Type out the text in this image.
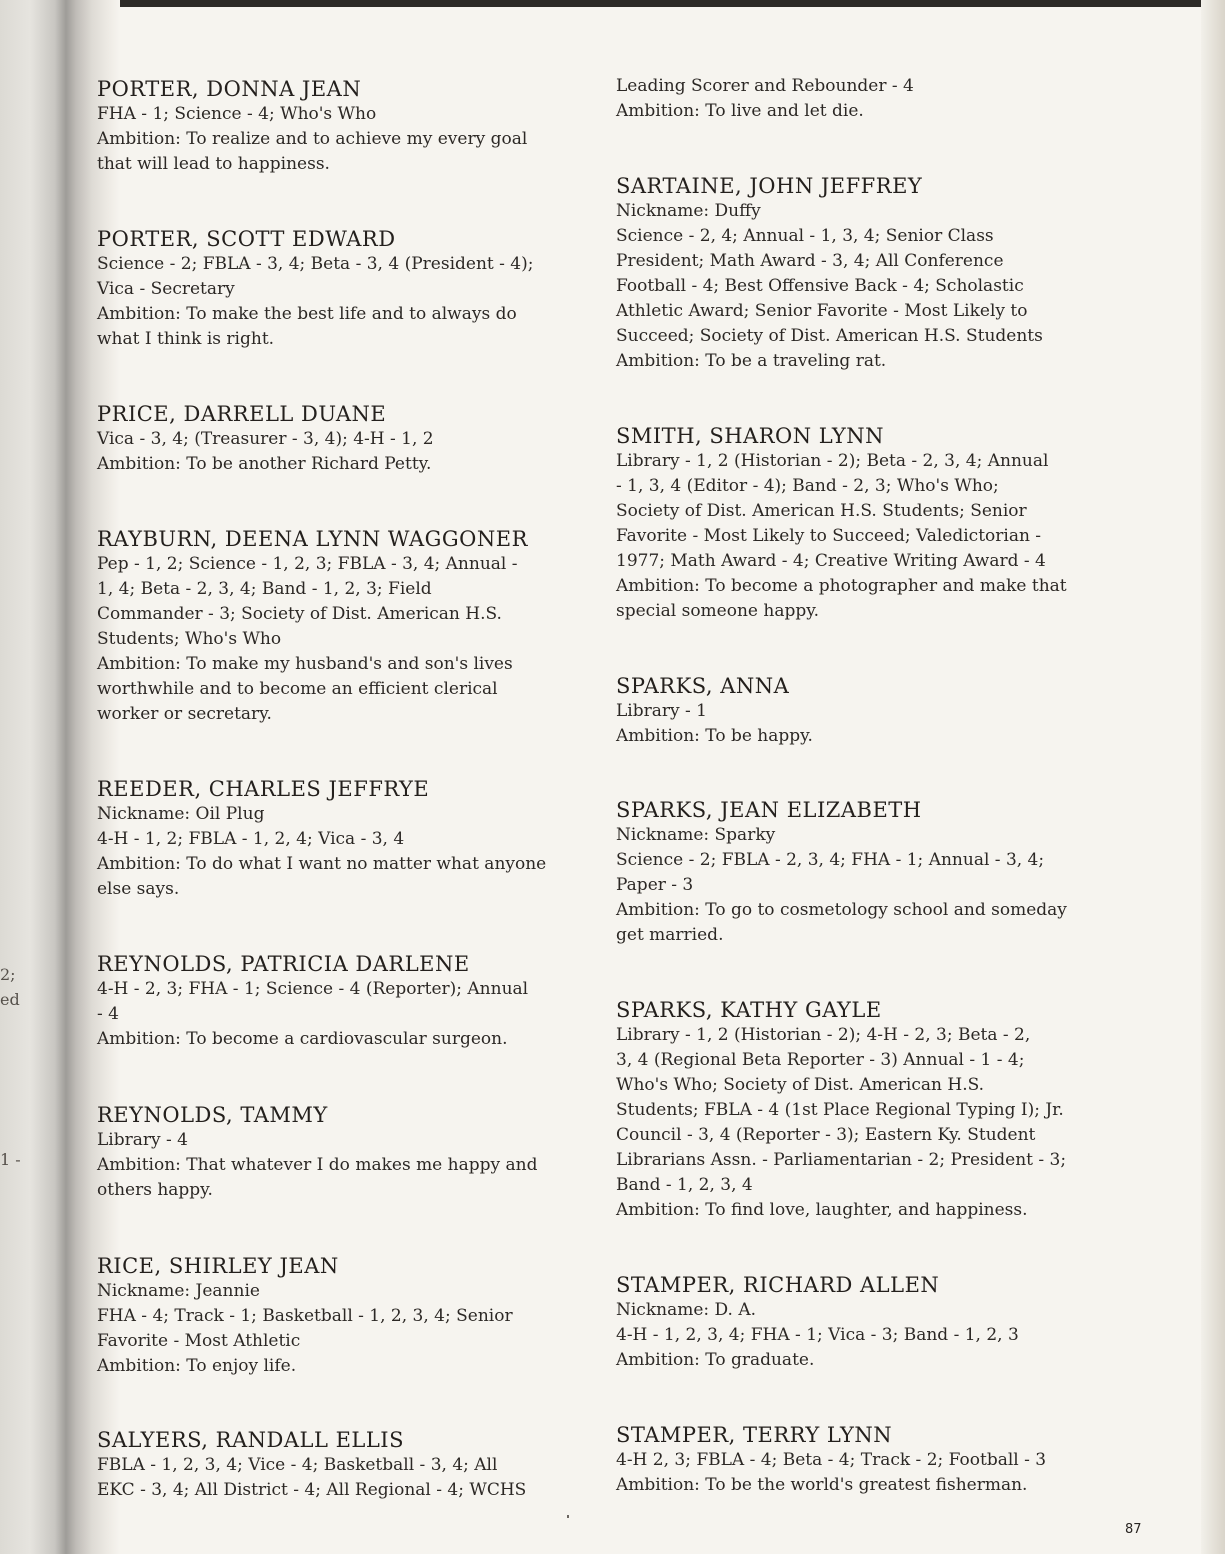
2;
ed
1 -
PORTER, DONNA JEAN
FHA - 1; Science - 4; Who's Who
Ambition: To realize and to achieve my every goal
that will lead to happiness.
PORTER, SCOTT EDWARD
Science - 2; FBLA - 3, 4; Beta - 3, 4 (President - 4);
Vica - Secretary
Ambition: To make the best life and to always do
what I think is right.
PRICE, DARRELL DUANE
Vica - 3, 4; (Treasurer - 3, 4); 4-H - 1, 2
Ambition: To be another Richard Petty.
RAYBURN, DEENA LYNN WAGGONER
Pep - 1, 2; Science - 1, 2, 3; FBLA - 3, 4; Annual -
1, 4; Beta - 2, 3, 4; Band - 1, 2, 3; Field
Commander - 3; Society of Dist. American H.S.
Students; Who's Who
Ambition: To make my husband's and son's lives
worthwhile and to become an efficient clerical
worker or secretary.
REEDER, CHARLES JEFFRYE
Nickname: Oil Plug
4-H - 1, 2; FBLA - 1, 2, 4; Vica - 3, 4
Ambition: To do what I want no matter what anyone
else says.
REYNOLDS, PATRICIA DARLENE
4-H - 2, 3; FHA - 1; Science - 4 (Reporter); Annual
- 4
Ambition: To become a cardiovascular surgeon.
REYNOLDS, TAMMY
Library - 4
Ambition: That whatever I do makes me happy and
others happy.
RICE, SHIRLEY JEAN
Nickname: Jeannie
FHA - 4; Track - 1; Basketball - 1, 2, 3, 4; Senior
Favorite - Most Athletic
Ambition: To enjoy life.
SALYERS, RANDALL ELLIS
FBLA - 1, 2, 3, 4; Vice - 4; Basketball - 3, 4; All
EKC - 3, 4; All District - 4; All Regional - 4; WCHS
Leading Scorer and Rebounder - 4
Ambition: To live and let die.
SARTAINE, JOHN JEFFREY
Nickname: Duffy
Science - 2, 4; Annual - 1, 3, 4; Senior Class
President; Math Award - 3, 4; All Conference
Football - 4; Best Offensive Back - 4; Scholastic
Athletic Award; Senior Favorite - Most Likely to
Succeed; Society of Dist. American H.S. Students
Ambition: To be a traveling rat.
SMITH, SHARON LYNN
Library - 1, 2 (Historian - 2); Beta - 2, 3, 4; Annual
- 1, 3, 4 (Editor - 4); Band - 2, 3; Who's Who;
Society of Dist. American H.S. Students; Senior
Favorite - Most Likely to Succeed; Valedictorian -
1977; Math Award - 4; Creative Writing Award - 4
Ambition: To become a photographer and make that
special someone happy.
SPARKS, ANNA
Library - 1
Ambition: To be happy.
SPARKS, JEAN ELIZABETH
Nickname: Sparky
Science - 2; FBLA - 2, 3, 4; FHA - 1; Annual - 3, 4;
Paper - 3
Ambition: To go to cosmetology school and someday
get married.
SPARKS, KATHY GAYLE
Library - 1, 2 (Historian - 2); 4-H - 2, 3; Beta - 2,
3, 4 (Regional Beta Reporter - 3) Annual - 1 - 4;
Who's Who; Society of Dist. American H.S.
Students; FBLA - 4 (1st Place Regional Typing I); Jr.
Council - 3, 4 (Reporter - 3); Eastern Ky. Student
Librarians Assn. - Parliamentarian - 2; President - 3;
Band - 1, 2, 3, 4
Ambition: To find love, laughter, and happiness.
STAMPER, RICHARD ALLEN
Nickname: D. A.
4-H - 1, 2, 3, 4; FHA - 1; Vica - 3; Band - 1, 2, 3
Ambition: To graduate.
STAMPER, TERRY LYNN
4-H 2, 3; FBLA - 4; Beta - 4; Track - 2; Football - 3
Ambition: To be the world's greatest fisherman.
87
